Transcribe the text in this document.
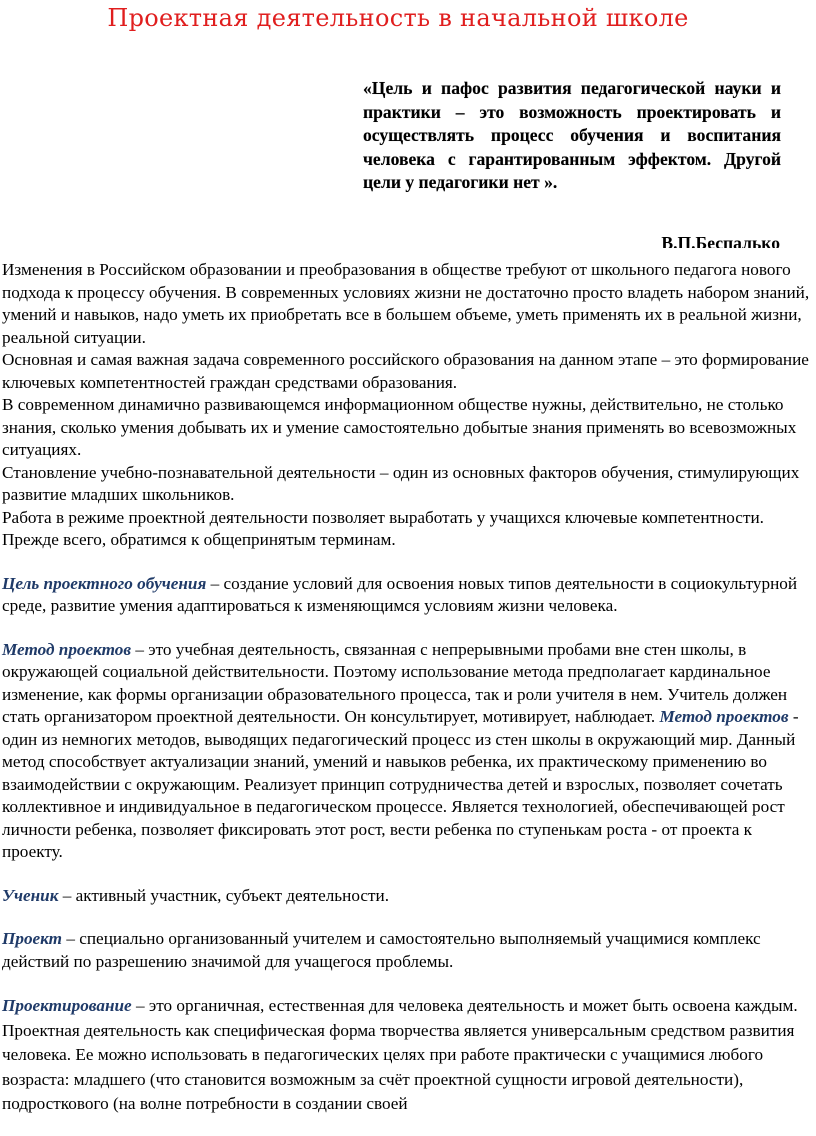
Проектная деятельность в начальной школе
«Цель и пафос развития педагогической науки и практики – это возможность проектировать и осуществлять процесс обучения и воспитания человека с гарантированным эффектом. Другой цели у педагогики нет ».
В.П.Беспалько

Изменения в Российском образовании и преобразования в обществе требуют от школьного педагога нового подхода к процессу обучения. В современных условиях жизни не достаточно просто владеть набором знаний, умений и навыков, надо уметь их приобретать все в большем объеме, уметь применять их в реальной жизни, реальной ситуации.

Основная и самая важная задача современного российского образования на данном этапе – это формирование ключевых компетентностей граждан средствами образования.

В современном динамично развивающемся информационном обществе нужны, действительно, не столько знания, сколько умения добывать их и умение самостоятельно добытые знания применять во всевозможных ситуациях.

Становление учебно-познавательной деятельности – один из основных факторов обучения, стимулирующих развитие младших школьников.

Работа в режиме проектной деятельности позволяет выработать у учащихся ключевые компетентности. Прежде всего, обратимся к общепринятым терминам.

Цель проектного обучения – создание условий для освоения новых типов деятельности в социокультурной среде, развитие умения адаптироваться к изменяющимся условиям жизни человека.

Метод проектов – это учебная деятельность, связанная с непрерывными пробами вне стен школы, в окружающей социальной действительности. Поэтому использование метода предполагает кардинальное изменение, как формы организации образовательного процесса, так и роли учителя в нем. Учитель должен стать организатором проектной деятельности. Он консультирует, мотивирует, наблюдает. Метод проектов - один из немногих методов, выводящих педагогический процесс из стен школы в окружающий мир. Данный метод способствует актуализации знаний, умений и навыков ребенка, их практическому применению во взаимодействии с окружающим. Реализует принцип сотрудничества детей и взрослых, позволяет сочетать коллективное и индивидуальное в педагогическом процессе. Является технологией, обеспечивающей рост личности ребенка, позволяет фиксировать этот рост, вести ребенка по ступенькам роста - от проекта к проекту.

Ученик – активный участник, субъект деятельности.

Проект – специально организованный учителем и самостоятельно выполняемый учащимися комплекс действий по разрешению значимой для учащегося проблемы.

Проектирование – это органичная, естественная для человека деятельность и может быть освоена каждым. Проектная деятельность как специфическая форма творчества является универсальным средством развития человека. Ее можно использовать в педагогических целях при работе практически с учащимися любого возраста: младшего (что становится возможным за счёт проектной сущности игровой деятельности), подросткового (на волне потребности в создании своей
